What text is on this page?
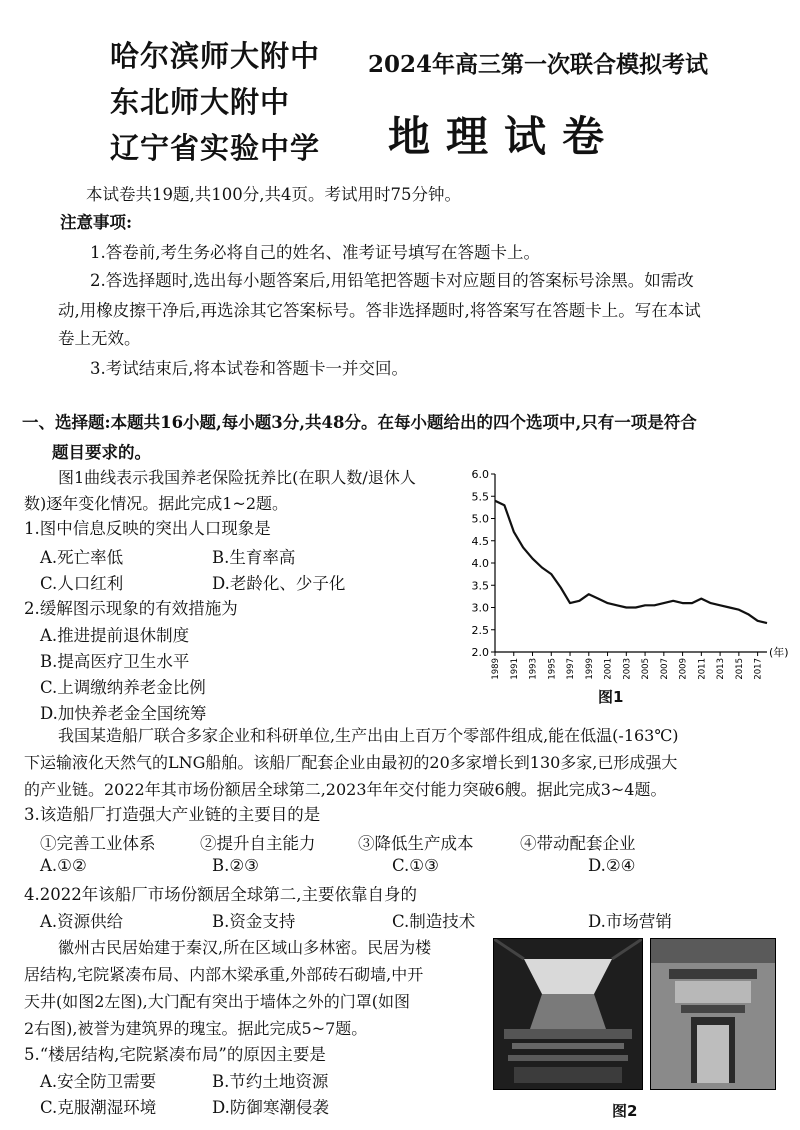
哈尔滨师大附中
东北师大附中
辽宁省实验中学
2024年高三第一次联合模拟考试
地理试卷
本试卷共19题,共100分,共4页。考试用时75分钟。
注意事项:
1.答卷前,考生务必将自己的姓名、准考证号填写在答题卡上。
2.答选择题时,选出每小题答案后,用铅笔把答题卡对应题目的答案标号涂黑。如需改
动,用橡皮擦干净后,再选涂其它答案标号。答非选择题时,将答案写在答题卡上。写在本试
卷上无效。
3.考试结束后,将本试卷和答题卡一并交回。
一、选择题:本题共16小题,每小题3分,共48分。在每小题给出的四个选项中,只有一项是符合
题目要求的。
图1曲线表示我国养老保险抚养比(在职人数/退休人
数)逐年变化情况。据此完成1~2题。
1.图中信息反映的突出人口现象是
A.死亡率低	B.生育率高
C.人口红利	D.老龄化、少子化
2.缓解图示现象的有效措施为
A.推进提前退休制度
B.提高医疗卫生水平
C.上调缴纳养老金比例
D.加快养老金全国统筹
2.0
2.5
3.0
3.5
4.0
4.5
5.0
5.5
6.0
1989 1991 1993 1995 1997 1999 2001 2003 2005 2007 2009 2011 2013 2015 2017
(年)
图1
我国某造船厂联合多家企业和科研单位,生产出由上百万个零部件组成,能在低温(-163℃)
下运输液化天然气的LNG船舶。该船厂配套企业由最初的20多家增长到130多家,已形成强大
的产业链。2022年其市场份额居全球第二,2023年年交付能力突破6艘。据此完成3~4题。
3.该造船厂打造强大产业链的主要目的是
①完善工业体系	②提升自主能力	③降低生产成本	④带动配套企业
A.①②	B.②③	C.①③	D.②④
4.2022年该船厂市场份额居全球第二,主要依靠自身的
A.资源供给	B.资金支持	C.制造技术	D.市场营销
徽州古民居始建于秦汉,所在区域山多林密。民居为楼
居结构,宅院紧凑布局、内部木梁承重,外部砖石砌墙,中开
天井(如图2左图),大门配有突出于墙体之外的门罩(如图
2右图),被誉为建筑界的瑰宝。据此完成5~7题。
5.“楼居结构,宅院紧凑布局”的原因主要是
A.安全防卫需要	B.节约土地资源
C.克服潮湿环境	D.防御寒潮侵袭	图2
